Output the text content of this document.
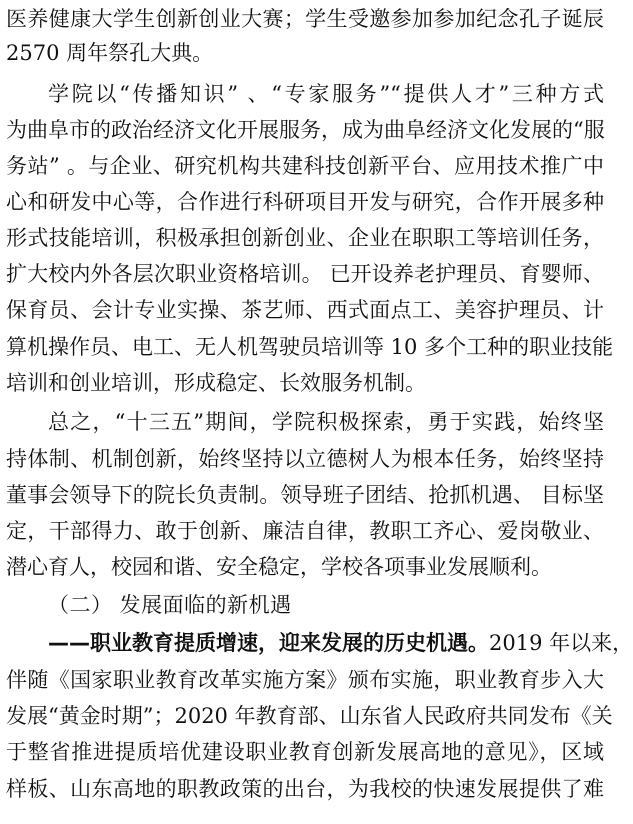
医养健康大学生创新创业大赛；学生受邀参加参加纪念孔子诞辰
2570 周年祭孔大典。
学院以“传播知识” 、“专家服务”“提供人才”三种方式
为曲阜市的政治经济文化开展服务，成为曲阜经济文化发展的“服
务站” 。与企业、研究机构共建科技创新平台、应用技术推广中
心和研发中心等，合作进行科研项目开发与研究，合作开展多种
形式技能培训，积极承担创新创业、企业在职职工等培训任务，
扩大校内外各层次职业资格培训。 已开设养老护理员、育婴师、
保育员、会计专业实操、茶艺师、西式面点工、美容护理员、计
算机操作员、电工、无人机驾驶员培训等 10 多个工种的职业技能
培训和创业培训，形成稳定、长效服务机制。
总之，“十三五”期间，学院积极探索，勇于实践，始终坚
持体制、机制创新，始终坚持以立德树人为根本任务，始终坚持
董事会领导下的院长负责制。领导班子团结、抢抓机遇、 目标坚
定，干部得力、敢于创新、廉洁自律，教职工齐心、爱岗敬业、
潜心育人，校园和谐、安全稳定，学校各项事业发展顺利。
（二） 发展面临的新机遇
——职业教育提质增速，迎来发展的历史机遇。2019 年以来，
伴随《国家职业教育改革实施方案》颁布实施，职业教育步入大
发展“黄金时期”；2020 年教育部、山东省人民政府共同发布《关
于整省推进提质培优建设职业教育创新发展高地的意见》，区域
样板、山东高地的职教政策的出台，为我校的快速发展提供了难
